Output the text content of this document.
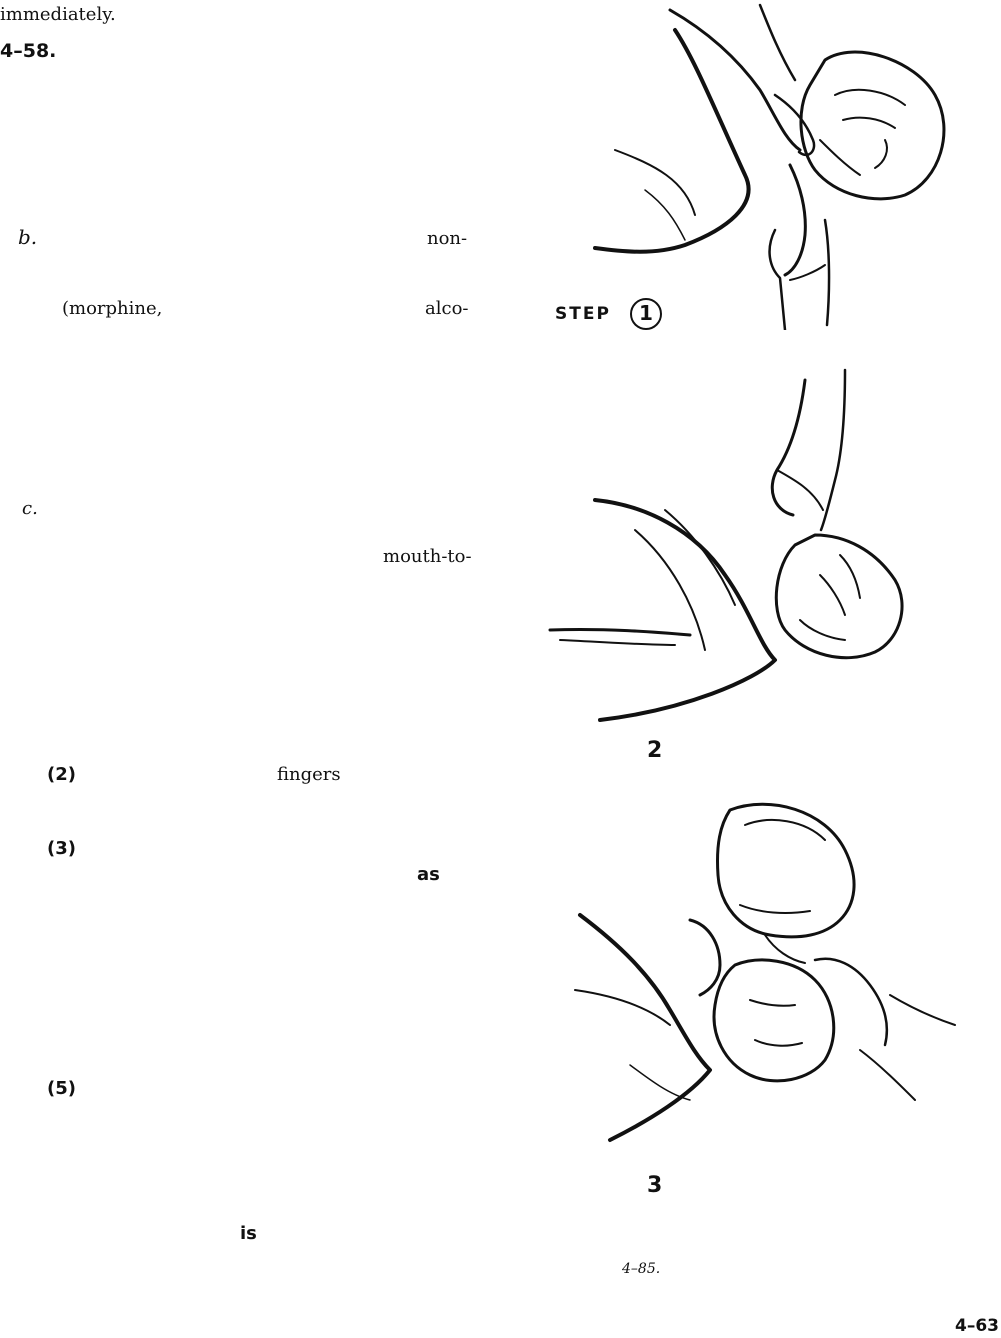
immediately.
4–58.
b.	non-
(morphine,	alco-
c.
mouth-to-
(2)	fingers
(3)
as
(5)
is
STEP	1
2
3
4–85.
4–63
